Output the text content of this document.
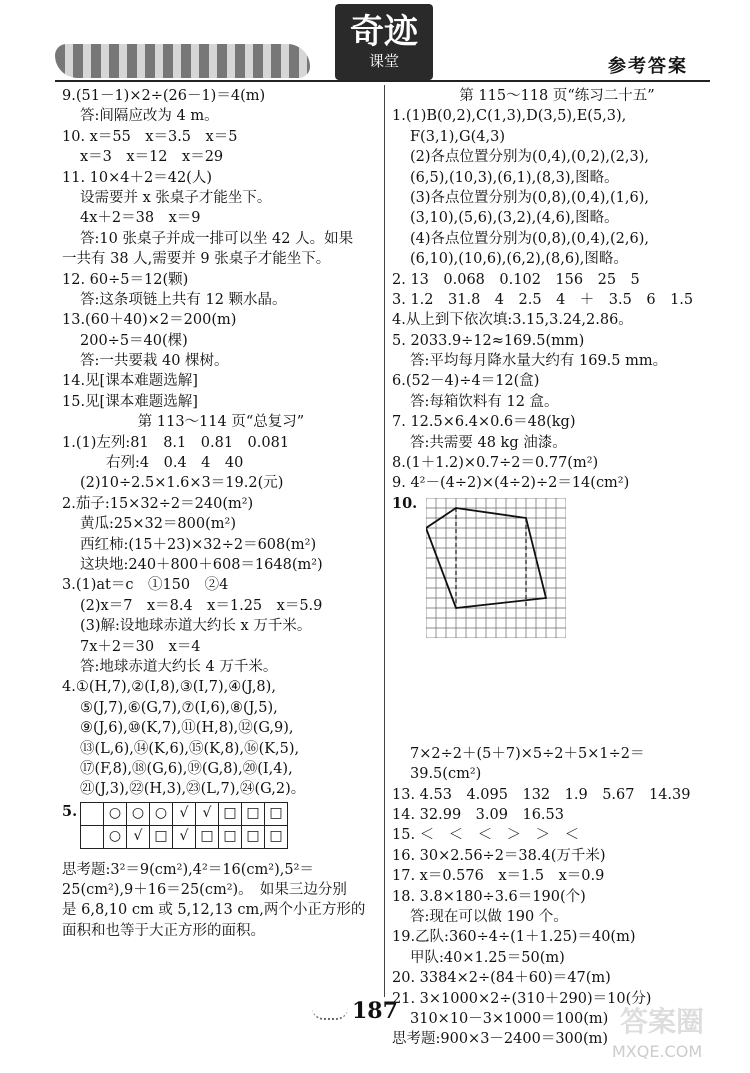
奇迹
课堂	参考答案
9.(51－1)×2÷(26－1)＝4(m)
答:间隔应改为 4 m。
10. x＝55　x＝3.5　x＝5
x＝3　x＝12　x＝29
11. 10×4＋2＝42(人)
设需要并 x 张桌子才能坐下。
4x＋2＝38　x＝9
答:10 张桌子并成一排可以坐 42 人。如果
一共有 38 人,需要并 9 张桌子才能坐下。
12. 60÷5＝12(颗)
答:这条项链上共有 12 颗水晶。
13.(60＋40)×2＝200(m)
200÷5＝40(棵)
答:一共要栽 40 棵树。
14.见[课本难题选解]
15.见[课本难题选解]
第 113～114 页“总复习”
1.(1)左列:81　8.1　0.81　0.081
右列:4　0.4　4　40
(2)10÷2.5×1.6×3＝19.2(元)
2.茄子:15×32÷2＝240(m²)
黄瓜:25×32＝800(m²)
西红柿:(15＋23)×32÷2＝608(m²)
这块地:240＋800＋608＝1648(m²)
3.(1)at＝c　①150　②4
(2)x＝7　x＝8.4　x＝1.25　x＝5.9
(3)解:设地球赤道大约长 x 万千米。
7x＋2＝30　x＝4
答:地球赤道大约长 4 万千米。
4.①(H,7),②(I,8),③(I,7),④(J,8),
⑤(J,7),⑥(G,7),⑦(I,6),⑧(J,5),
⑨(J,6),⑩(K,7),⑪(H,8),⑫(G,9),
⑬(L,6),⑭(K,6),⑮(K,8),⑯(K,5),
⑰(F,8),⑱(G,6),⑲(G,8),⑳(I,4),
㉑(J,3),㉒(H,3),㉓(L,7),㉔(G,2)。
5.
	○	○	○	√	√	□	□	□
	○	√	□	√	□	□	□	□
思考题:3²＝9(cm²),4²＝16(cm²),5²＝
25(cm²),9＋16＝25(cm²)。　如果三边分别
是 6,8,10 cm 或 5,12,13 cm,两个小正方形的
面积和也等于大正方形的面积。
第 115～118 页“练习二十五”
1.(1)B(0,2),C(1,3),D(3,5),E(5,3),
F(3,1),G(4,3)
(2)各点位置分别为(0,4),(0,2),(2,3),
(6,5),(10,3),(6,1),(8,3),图略。
(3)各点位置分别为(0,8),(0,4),(1,6),
(3,10),(5,6),(3,2),(4,6),图略。
(4)各点位置分别为(0,8),(0,4),(2,6),
(6,10),(10,6),(6,2),(8,6),图略。
2. 13　0.068　0.102　156　25　5
3. 1.2　31.8　4　2.5　4　＋　3.5　6　1.5
4.从上到下依次填:3.15,3.24,2.86。
5. 2033.9÷12≈169.5(mm)
答:平均每月降水量大约有 169.5 mm。
6.(52－4)÷4＝12(盒)
答:每箱饮料有 12 盒。
7. 12.5×6.4×0.6＝48(kg)
答:共需要 48 kg 油漆。
8.(1＋1.2)×0.7÷2＝0.77(m²)
9. 4²－(4÷2)×(4÷2)÷2＝14(cm²)
10.
7×2÷2＋(5＋7)×5÷2＋5×1÷2＝
39.5(cm²)
13. 4.53　4.095　132　1.9　5.67　14.39
14. 32.99　3.09　16.53
15. ＜　＜　＜　＞　＞　＜
16. 30×2.56÷2＝38.4(万千米)
17. x＝0.576　x＝1.5　x＝0.9
18. 3.8×180÷3.6＝190(个)
答:现在可以做 190 个。
19.乙队:360÷4÷(1＋1.25)＝40(m)
甲队:40×1.25＝50(m)
20. 3384×2÷(84＋60)＝47(m)
21. 3×1000×2÷(310＋290)＝10(分)
310×10－3×1000＝100(m)
思考题:900×3－2400＝300(m)
187	答案圈
MXQE.COM
